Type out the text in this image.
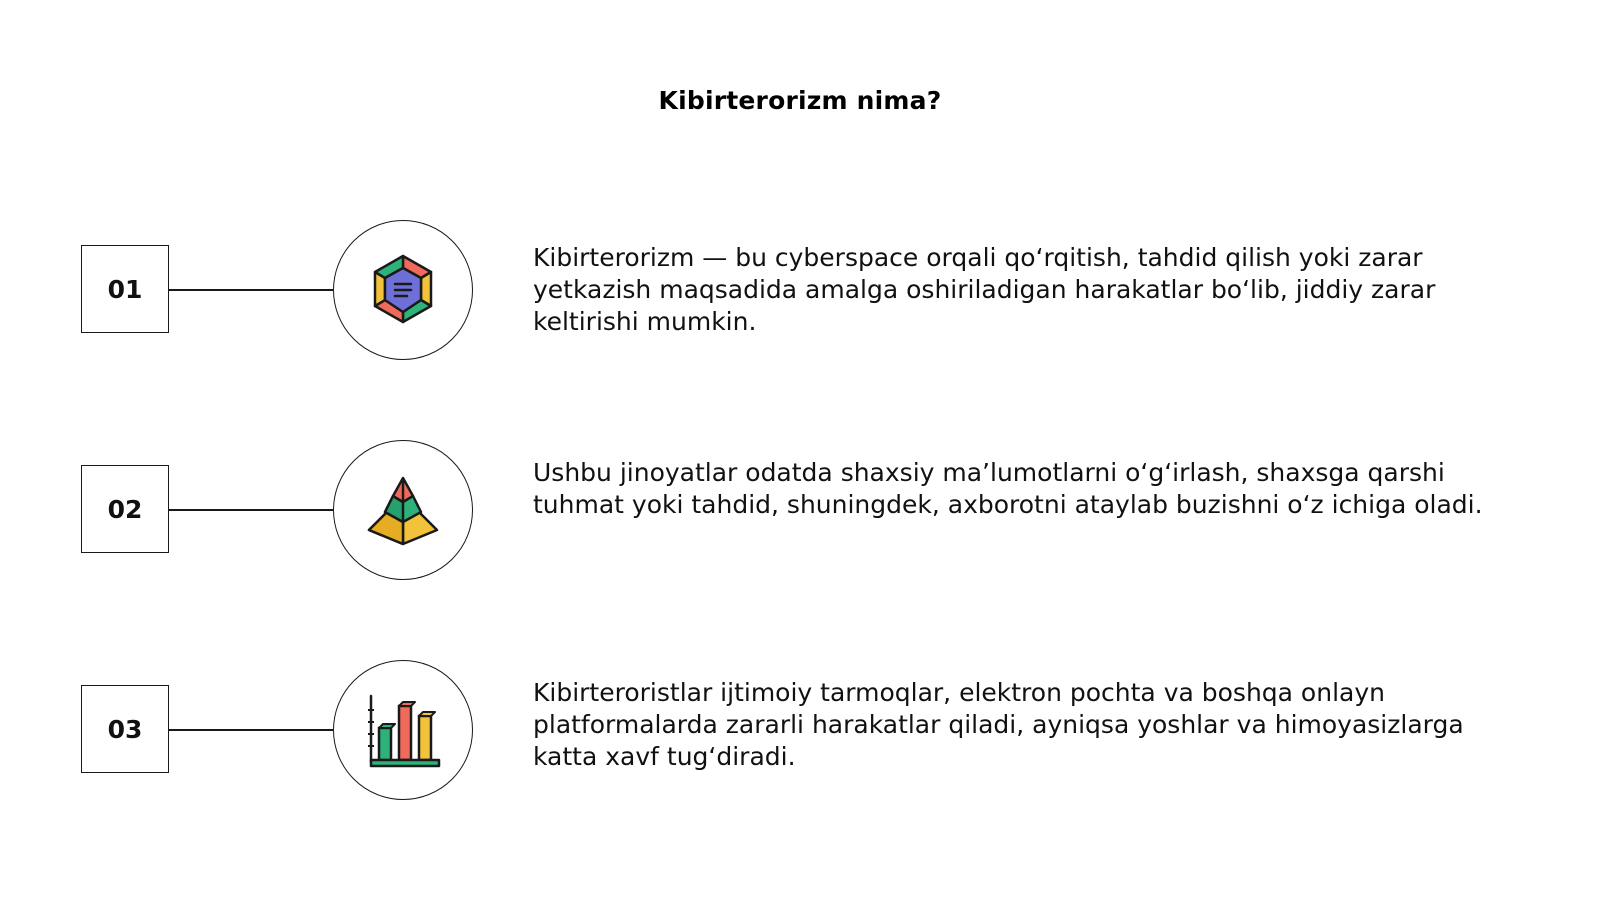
Kibirterorizm nima?
01
Kibirterorizm — bu cyberspace orqali qo‘rqitish, tahdid qilish yoki zarar yetkazish maqsadida amalga oshiriladigan harakatlar bo‘lib, jiddiy zarar keltirishi mumkin.
02
Ushbu jinoyatlar odatda shaxsiy ma’lumotlarni o‘g‘irlash, shaxsga qarshi tuhmat yoki tahdid, shuningdek, axborotni ataylab buzishni o‘z ichiga oladi.
03
Kibirteroristlar ijtimoiy tarmoqlar, elektron pochta va boshqa onlayn platformalarda zararli harakatlar qiladi, ayniqsa yoshlar va himoyasizlarga katta xavf tug‘diradi.
